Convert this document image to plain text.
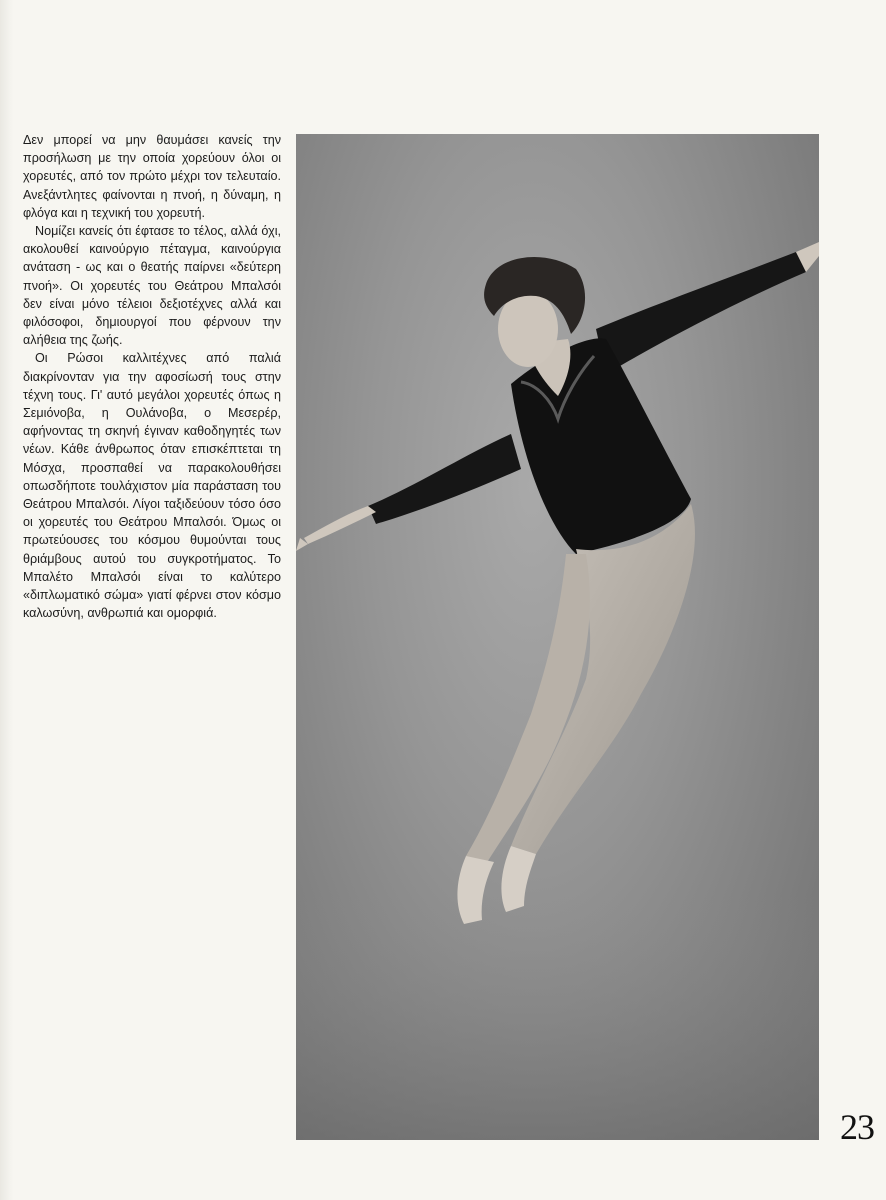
Δεν μπορεί να μην θαυμάσει κανείς την προσήλωση με την οποία χορεύουν όλοι οι χορευτές, από τον πρώτο μέχρι τον τελευταίο. Ανεξάντλητες φαίνονται η πνοή, η δύναμη, η φλόγα και η τεχνική του χορευτή.

Νομίζει κανείς ότι έφτασε το τέλος, αλλά όχι, ακολουθεί καινούργιο πέταγμα, καινούργια ανάταση - ως και ο θεατής παίρνει «δεύτερη πνοή». Οι χορευτές του Θεάτρου Μπαλσόι δεν είναι μόνο τέλειοι δεξιοτέχνες αλλά και φιλόσοφοι, δημιουργοί που φέρνουν την αλήθεια της ζωής.

Οι Ρώσοι καλλιτέχνες από παλιά διακρίνονταν για την αφοσίωσή τους στην τέχνη τους. Γι' αυτό μεγάλοι χορευτές όπως η Σεμιόνοβα, η Ουλάνοβα, ο Μεσερέρ, αφήνοντας τη σκηνή έγιναν καθοδηγητές των νέων. Κάθε άνθρωπος όταν επισκέπτεται τη Μόσχα, προσπαθεί να παρακολουθήσει οπωσδήποτε τουλάχιστον μία παράσταση του Θεάτρου Μπαλσόι. Λίγοι ταξιδεύουν τόσο όσο οι χορευτές του Θεάτρου Μπαλσόι. Όμως οι πρωτεύουσες του κόσμου θυμούνται τους θριάμβους αυτού του συγκροτήματος. Το Μπαλέτο Μπαλσόι είναι το καλύτερο «διπλωματικό σώμα» γιατί φέρνει στον κόσμο καλωσύνη, ανθρωπιά και ομορφιά.

23
